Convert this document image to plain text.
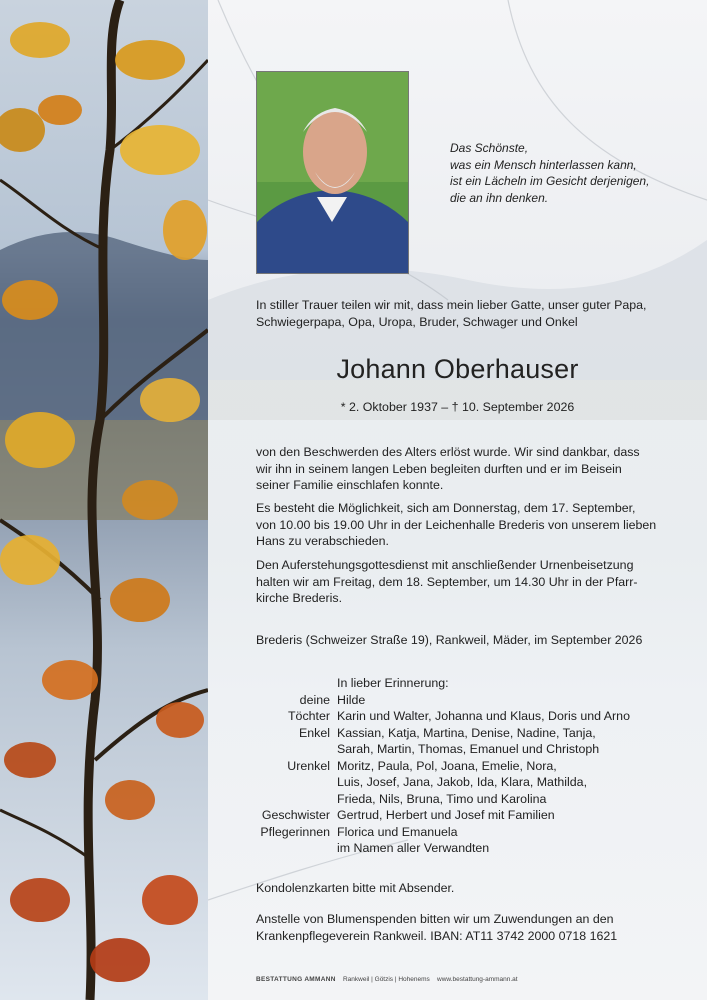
Das Schönste,
was ein Mensch hinterlassen kann,
ist ein Lächeln im Gesicht derjenigen,
die an ihn denken.
In stiller Trauer teilen wir mit, dass mein lieber Gatte, unser guter Papa,
Schwiegerpapa, Opa, Uropa, Bruder, Schwager und Onkel
Johann Oberhauser
* 2. Oktober 1937 – † 10. September 2026
von den Beschwerden des Alters erlöst wurde. Wir sind dankbar, dass
wir ihn in seinem langen Leben begleiten durften und er im Beisein
seiner Familie einschlafen konnte.
Es besteht die Möglichkeit, sich am Donnerstag, dem 17. September,
von 10.00 bis 19.00 Uhr in der Leichenhalle Brederis von unserem lieben
Hans zu verabschieden.
Den Auferstehungsgottesdienst mit anschließender Urnenbeisetzung
halten wir am Freitag, dem 18. September, um 14.30 Uhr in der Pfarr-
kirche Brederis.
Brederis (Schweizer Straße 19), Rankweil, Mäder, im September 2026
In lieber Erinnerung:
deine Hilde
Töchter Karin und Walter, Johanna und Klaus, Doris und Arno
Enkel Kassian, Katja, Martina, Denise, Nadine, Tanja,
Sarah, Martin, Thomas, Emanuel und Christoph
Urenkel Moritz, Paula, Pol, Joana, Emelie, Nora,
Luis, Josef, Jana, Jakob, Ida, Klara, Mathilda,
Frieda, Nils, Bruna, Timo und Karolina
Geschwister Gertrud, Herbert und Josef mit Familien
Pflegerinnen Florica und Emanuela
im Namen aller Verwandten
Kondolenzkarten bitte mit Absender.
Anstelle von Blumenspenden bitten wir um Zuwendungen an den
Krankenpflegeverein Rankweil. IBAN: AT11 3742 2000 0718 1621
BESTATTUNG AMMANN Rankweil | Götzis | Hohenems www.bestattung-ammann.at
